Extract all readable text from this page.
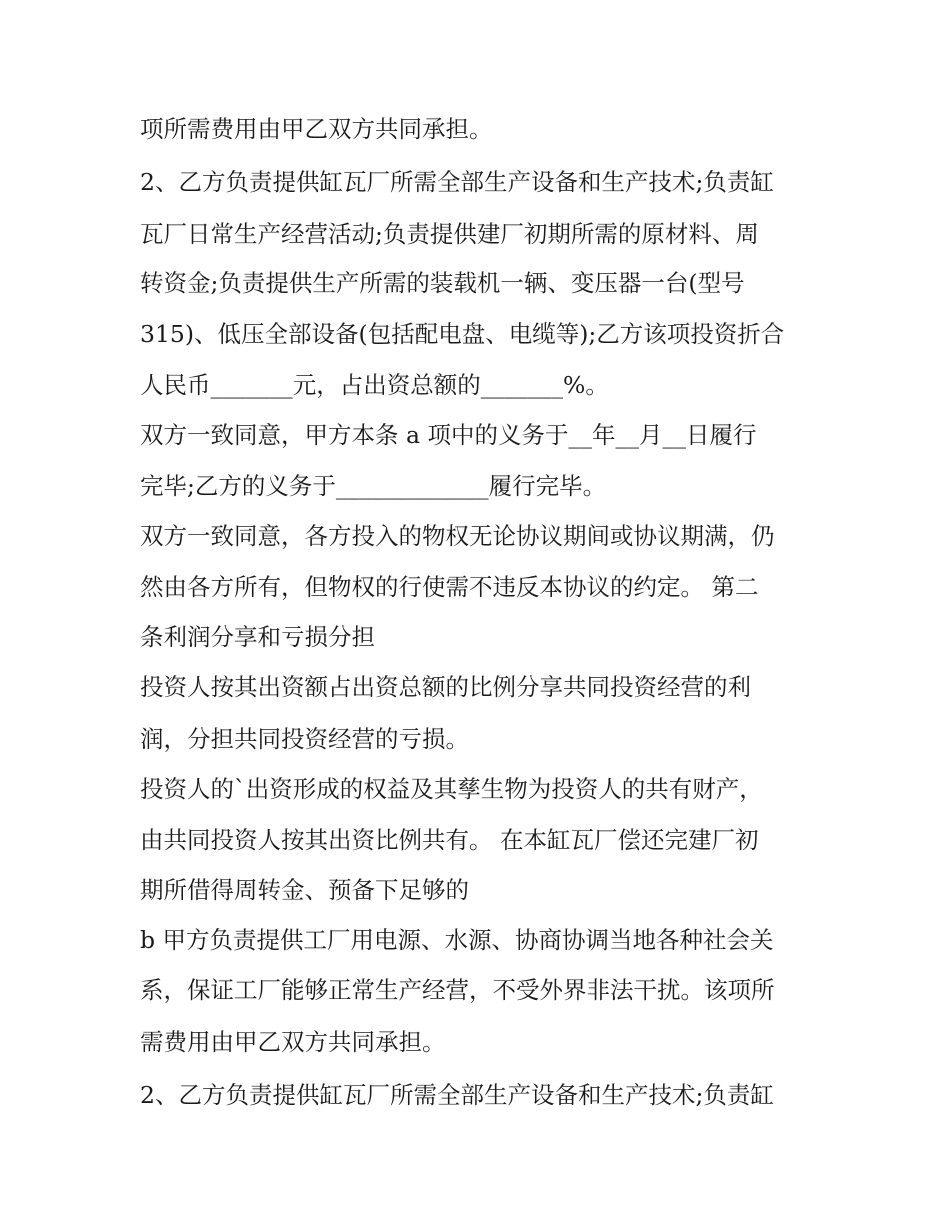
项所需费用由甲乙双方共同承担。
2、乙方负责提供缸瓦厂所需全部生产设备和生产技术;负责缸
瓦厂日常生产经营活动;负责提供建厂初期所需的原材料、周
转资金;负责提供生产所需的装载机一辆、变压器一台(型号
315)、低压全部设备(包括配电盘、电缆等);乙方该项投资折合
人民币_______元，占出资总额的_______%。
双方一致同意，甲方本条 a 项中的义务于__年__月__日履行
完毕;乙方的义务于_____________履行完毕。
双方一致同意，各方投入的物权无论协议期间或协议期满，仍
然由各方所有，但物权的行使需不违反本协议的约定。 第二
条利润分享和亏损分担
投资人按其出资额占出资总额的比例分享共同投资经营的利
润，分担共同投资经营的亏损。
投资人的`出资形成的权益及其孳生物为投资人的共有财产，
由共同投资人按其出资比例共有。 在本缸瓦厂偿还完建厂初
期所借得周转金、预备下足够的
b 甲方负责提供工厂用电源、水源、协商协调当地各种社会关
系，保证工厂能够正常生产经营，不受外界非法干扰。该项所
需费用由甲乙双方共同承担。
2、乙方负责提供缸瓦厂所需全部生产设备和生产技术;负责缸
